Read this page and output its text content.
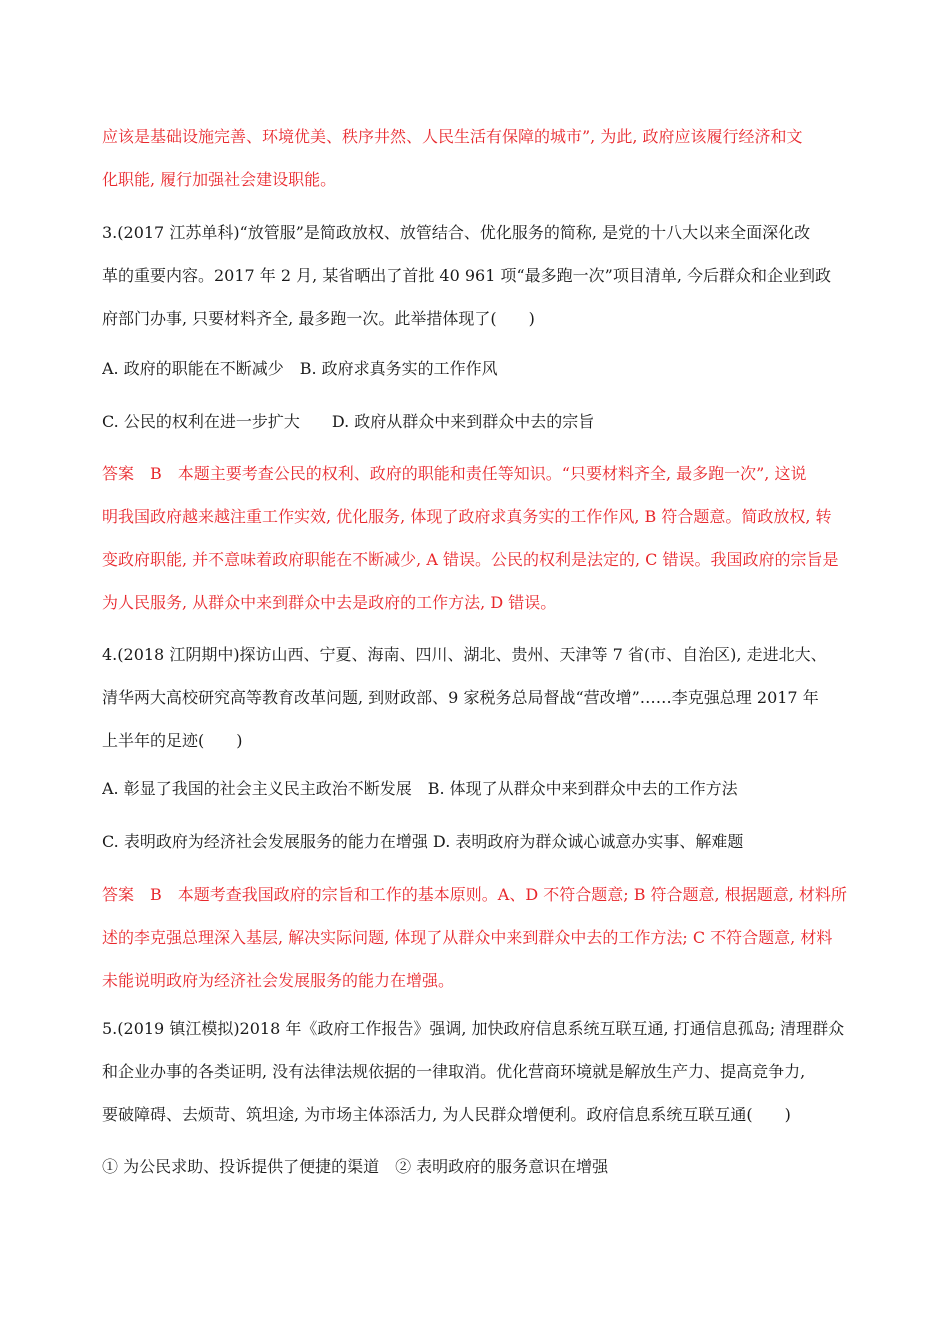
应该是基础设施完善、环境优美、秩序井然、人民生活有保障的城市”, 为此, 政府应该履行经济和文
化职能, 履行加强社会建设职能。
3.(2017 江苏单科)“放管服”是简政放权、放管结合、优化服务的简称, 是党的十八大以来全面深化改
革的重要内容。2017 年 2 月, 某省晒出了首批 40 961 项“最多跑一次”项目清单, 今后群众和企业到政
府部门办事, 只要材料齐全, 最多跑一次。此举措体现了(　　)
A. 政府的职能在不断减少　B. 政府求真务实的工作作风
C. 公民的权利在进一步扩大　　D. 政府从群众中来到群众中去的宗旨
答案　B　本题主要考查公民的权利、政府的职能和责任等知识。“只要材料齐全, 最多跑一次”, 这说
明我国政府越来越注重工作实效, 优化服务, 体现了政府求真务实的工作作风, B 符合题意。简政放权, 转
变政府职能, 并不意味着政府职能在不断减少, A 错误。公民的权利是法定的, C 错误。我国政府的宗旨是
为人民服务, 从群众中来到群众中去是政府的工作方法, D 错误。
4.(2018 江阴期中)探访山西、宁夏、海南、四川、湖北、贵州、天津等 7 省(市、自治区), 走进北大、
清华两大高校研究高等教育改革问题, 到财政部、9 家税务总局督战“营改增”……李克强总理 2017 年
上半年的足迹(　　)
A. 彰显了我国的社会主义民主政治不断发展　B. 体现了从群众中来到群众中去的工作方法
C. 表明政府为经济社会发展服务的能力在增强 D. 表明政府为群众诚心诚意办实事、解难题
答案　B　本题考查我国政府的宗旨和工作的基本原则。A、D 不符合题意; B 符合题意, 根据题意, 材料所
述的李克强总理深入基层, 解决实际问题, 体现了从群众中来到群众中去的工作方法; C 不符合题意, 材料
未能说明政府为经济社会发展服务的能力在增强。
5.(2019 镇江模拟)2018 年《政府工作报告》强调, 加快政府信息系统互联互通, 打通信息孤岛; 清理群众
和企业办事的各类证明, 没有法律法规依据的一律取消。优化营商环境就是解放生产力、提高竞争力,
要破障碍、去烦苛、筑坦途, 为市场主体添活力, 为人民群众增便利。政府信息系统互联互通(　　)
① 为公民求助、投诉提供了便捷的渠道　② 表明政府的服务意识在增强
